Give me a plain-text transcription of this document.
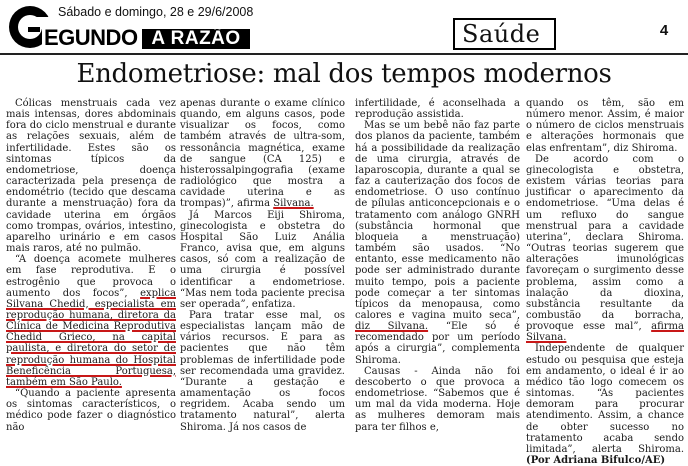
EGUNDO A RAZÃO
Sábado e domingo, 28 e 29/6/2008
Saúde	4
Endometriose: mal dos tempos modernos

Cólicas menstruais cada vez mais intensas, dores abdominais fora do ciclo menstrual e durante as relações sexuais, além de infertilidade. Estes são os sintomas típicos da endometriose, doença caracterizada pela presença de endométrio (tecido que descama durante a menstruação) fora da cavidade uterina em órgãos como trompas, ovários, intestino, aparelho urinário e em casos mais raros, até no pulmão.

“A doença acomete mulheres em fase reprodutiva. E o estrogênio que provoca o aumento dos focos”, explica Silvana Chedid, especialista em reprodução humana, diretora da Clínica de Medicina Reprodutiva Chedid Grieco, na capital paulista, e diretora do setor de reprodução humana do Hospital Beneficência Portuguesa, também em São Paulo.

“Quando a paciente apresenta os sintomas característicos, o médico pode fazer o diagnóstico não

apenas durante o exame clínico quando, em alguns casos, pode visualizar os focos, como também através de ultra-som, ressonância magnética, exame de sangue (CA 125) e histerossalpingografia (exame radiológico que mostra a cavidade uterina e as trompas)”, afirma Silvana.

Já Marcos Eiji Shiroma, ginecologista e obstetra do Hospital São Luiz Anália Franco, avisa que, em alguns casos, só com a realização de uma cirurgia é possível identificar a endometriose. “Mas nem toda paciente precisa ser operada”, enfatiza.

Para tratar esse mal, os especialistas lançam mão de vários recursos. E para as pacientes que não têm problemas de infertilidade pode ser recomendada uma gravidez. “Durante a gestação e amamentação os focos regridem. Acaba sendo um tratamento natural”, alerta Shiroma. Já nos casos de

infertilidade, é aconselhada a reprodução assistida.

Mas se um bebê não faz parte dos planos da paciente, também há a possibilidade da realização de uma cirurgia, através de laparoscopia, durante a qual se faz a cauterização dos focos de endometriose. O uso contínuo de pílulas anticoncepcionais e o tratamento com análogo GNRH (substância hormonal que bloqueia a menstruação) também são usados. “No entanto, esse medicamento não pode ser administrado durante muito tempo, pois a paciente pode começar a ter sintomas típicos da menopausa, como calores e vagina muito seca”, diz Silvana. “Ele só é recomendado por um período após a cirurgia”, complementa Shiroma.

Causas - Ainda não foi descoberto o que provoca a endometriose. “Sabemos que é um mal da vida moderna. Hoje as mulheres demoram mais para ter filhos e,

quando os têm, são em número menor. Assim, é maior o número de ciclos menstruais e alterações hormonais que elas enfrentam”, diz Shiroma.

De acordo com o ginecologista e obstetra, existem várias teorias para justificar o aparecimento da endometriose. “Uma delas é um refluxo do sangue menstrual para a cavidade uterina”, declara Shiroma. “Outras teorias sugerem que alterações imunológicas favoreçam o surgimento desse problema, assim como a inalação da dioxina, substância resultante da combustão da borracha, provoque esse mal”, afirma Silvana.

Independente de qualquer estudo ou pesquisa que esteja em andamento, o ideal é ir ao médico tão logo comecem os sintomas. “As pacientes demoram para procurar atendimento. Assim, a chance de obter sucesso no tratamento acaba sendo limitada”, alerta Shiroma. (Por Adriana Bifulco/AE)
